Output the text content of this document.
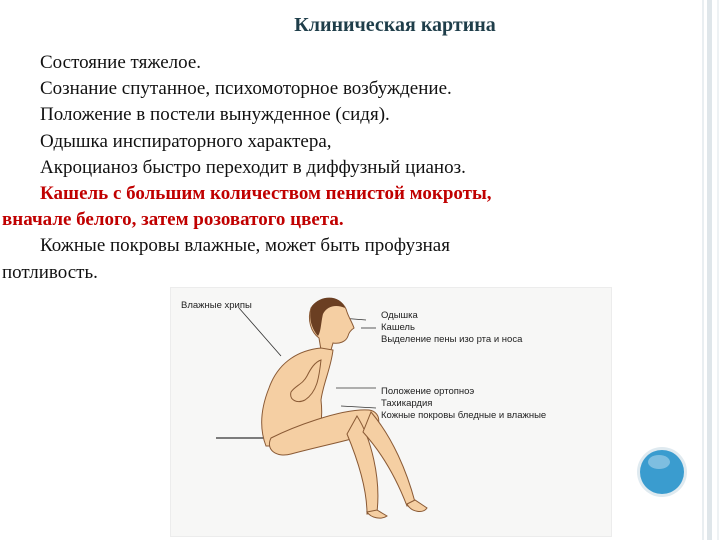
Клиническая картина
Состояние тяжелое.
Сознание спутанное, психомоторное возбуждение.
Положение в постели вынужденное (сидя).
Одышка инспираторного характера,
Акроцианоз быстро переходит в диффузный цианоз.
Кашель с большим количеством пенистой мокроты,
вначале белого, затем розоватого цвета.
Кожные покровы влажные, может быть профузная
потливость.
Влажные хрипы
Одышка
Кашель
Выделение пены изо рта и носа
Положение ортопноэ
Тахикардия
Кожные покровы бледные и влажные
